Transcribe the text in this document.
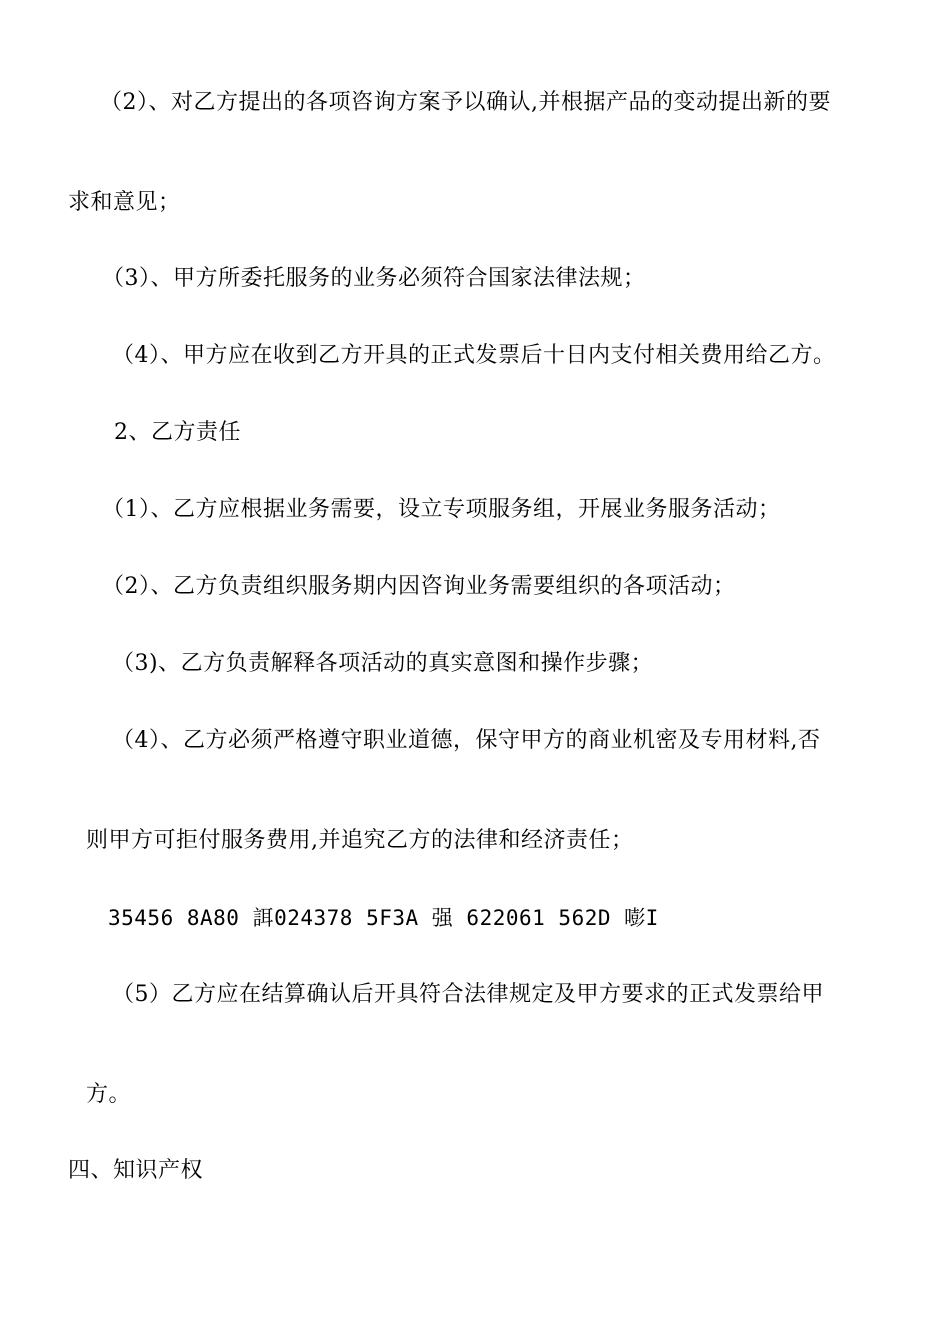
（2）、对乙方提出的各项咨询方案予以确认,并根据产品的变动提出新的要
求和意见；
（3）、甲方所委托服务的业务必须符合国家法律法规；
（4）、甲方应在收到乙方开具的正式发票后十日内支付相关费用给乙方。
2、乙方责任
（1）、乙方应根据业务需要，设立专项服务组，开展业务服务活动；
（2）、乙方负责组织服务期内因咨询业务需要组织的各项活动；
（3)、乙方负责解释各项活动的真实意图和操作步骤；
（4）、乙方必须严格遵守职业道德，保守甲方的商业机密及专用材料,否
则甲方可拒付服务费用,并追究乙方的法律和经济责任；
35456 8A80 誀024378 5F3A 强 622061 562D 嘭I
（5）乙方应在结算确认后开具符合法律规定及甲方要求的正式发票给甲
方。
四、知识产权
